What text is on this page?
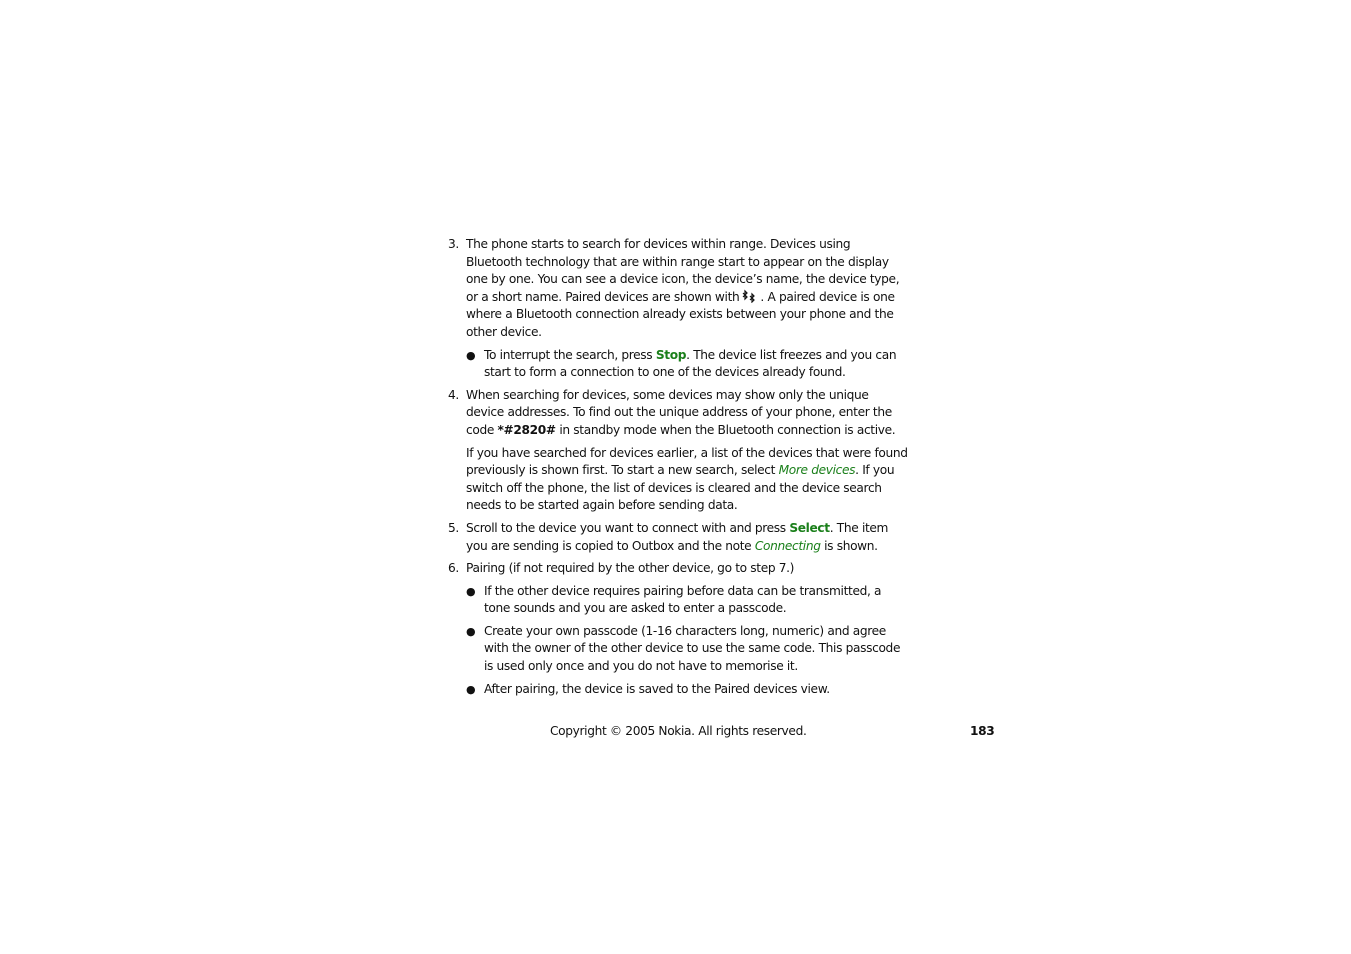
3. The phone starts to search for devices within range. Devices using Bluetooth technology that are within range start to appear on the display one by one. You can see a device icon, the device’s name, the device type, or a short name. Paired devices are shown with . A paired device is one where a Bluetooth connection already exists between your phone and the other device.

● To interrupt the search, press Stop. The device list freezes and you can start to form a connection to one of the devices already found.
4. When searching for devices, some devices may show only the unique device addresses. To find out the unique address of your phone, enter the code *#2820# in standby mode when the Bluetooth connection is active.

If you have searched for devices earlier, a list of the devices that were found previously is shown first. To start a new search, select More devices. If you switch off the phone, the list of devices is cleared and the device search needs to be started again before sending data.

5. Scroll to the device you want to connect with and press Select. The item you are sending is copied to Outbox and the note Connecting is shown.

6. Pairing (if not required by the other device, go to step 7.)

● If the other device requires pairing before data can be transmitted, a tone sounds and you are asked to enter a passcode.
● Create your own passcode (1-16 characters long, numeric) and agree with the owner of the other device to use the same code. This passcode is used only once and you do not have to memorise it.
● After pairing, the device is saved to the Paired devices view.
Copyright © 2005 Nokia. All rights reserved.	183
